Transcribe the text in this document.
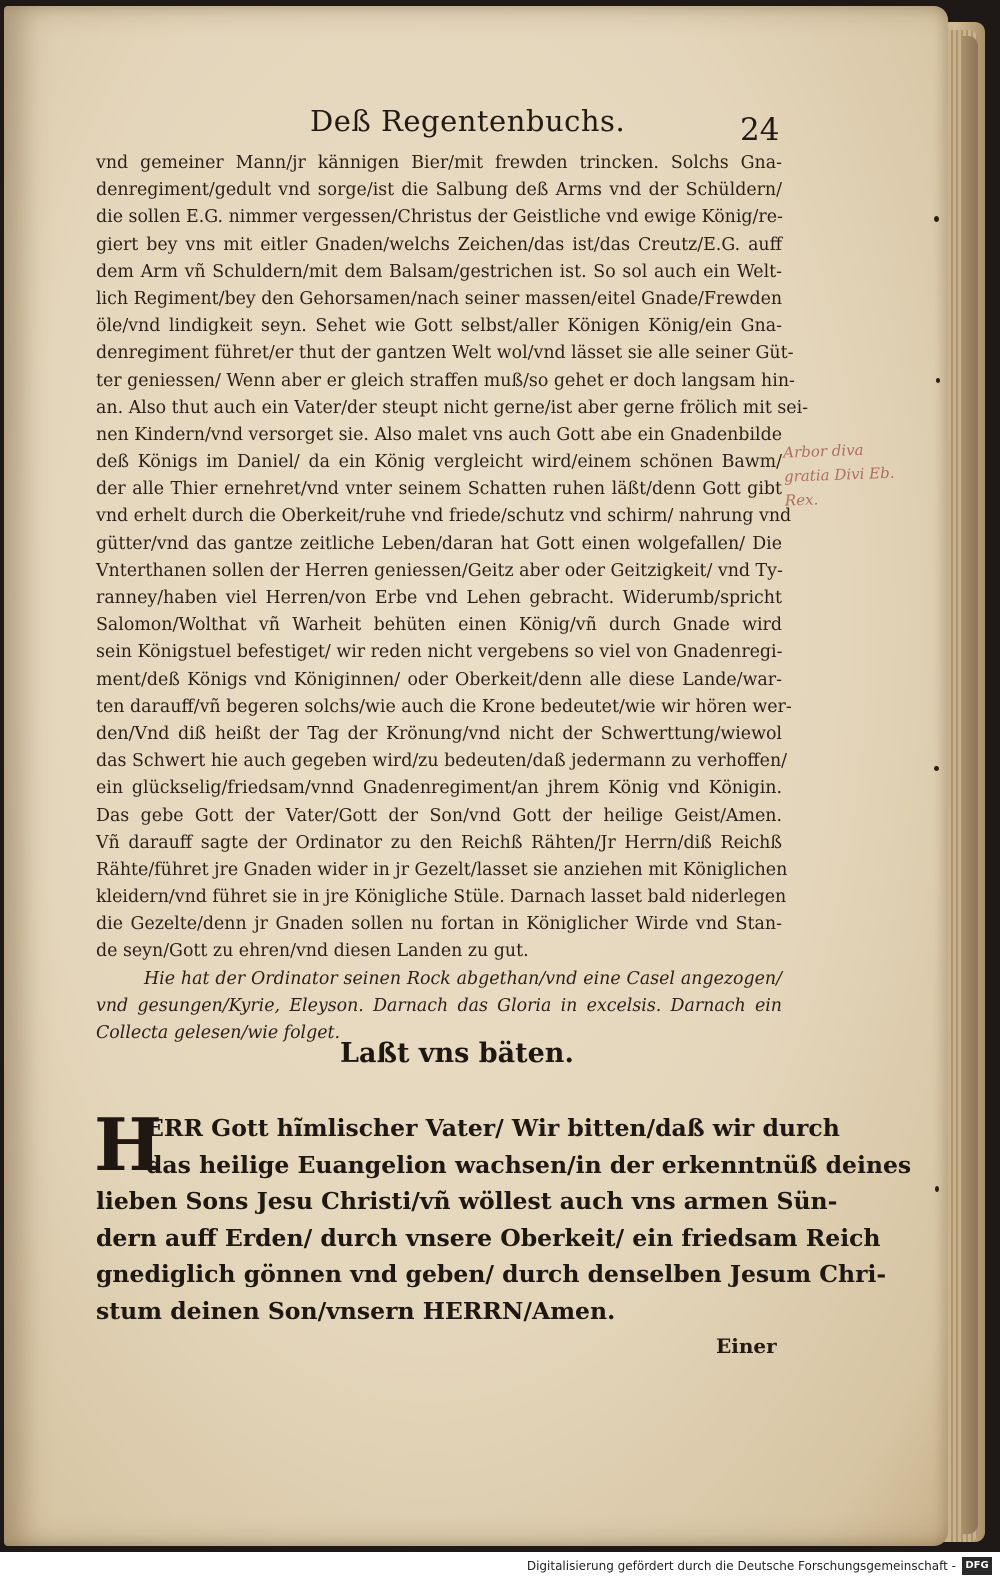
Deß Regentenbuchs.	24
vnd gemeiner Mann/jr kännigen Bier/mit frewden trincken. Solchs Gna-
denregiment/gedult vnd sorge/ist die Salbung deß Arms vnd der Schüldern/
die sollen E.G. nimmer vergessen/Christus der Geistliche vnd ewige König/re-
giert bey vns mit eitler Gnaden/welchs Zeichen/das ist/das Creutz/E.G. auff
dem Arm vñ Schuldern/mit dem Balsam/gestrichen ist. So sol auch ein Welt-
lich Regiment/bey den Gehorsamen/nach seiner massen/eitel Gnade/Frewden
öle/vnd lindigkeit seyn. Sehet wie Gott selbst/aller Königen König/ein Gna-
denregiment führet/er thut der gantzen Welt wol/vnd lässet sie alle seiner Güt-
ter geniessen/ Wenn aber er gleich straffen muß/so gehet er doch langsam hin-
an. Also thut auch ein Vater/der steupt nicht gerne/ist aber gerne frölich mit sei-
nen Kindern/vnd versorget sie. Also malet vns auch Gott abe ein Gnadenbilde
deß Königs im Daniel/ da ein König vergleicht wird/einem schönen Bawm/
der alle Thier ernehret/vnd vnter seinem Schatten ruhen läßt/denn Gott gibt
vnd erhelt durch die Oberkeit/ruhe vnd friede/schutz vnd schirm/ nahrung vnd
gütter/vnd das gantze zeitliche Leben/daran hat Gott einen wolgefallen/ Die
Vnterthanen sollen der Herren geniessen/Geitz aber oder Geitzigkeit/ vnd Ty-
ranney/haben viel Herren/von Erbe vnd Lehen gebracht. Widerumb/spricht
Salomon/Wolthat vñ Warheit behüten einen König/vñ durch Gnade wird
sein Königstuel befestiget/ wir reden nicht vergebens so viel von Gnadenregi-
ment/deß Königs vnd Königinnen/ oder Oberkeit/denn alle diese Lande/war-
ten darauff/vñ begeren solchs/wie auch die Krone bedeutet/wie wir hören wer-
den/Vnd diß heißt der Tag der Krönung/vnd nicht der Schwerttung/wiewol
das Schwert hie auch gegeben wird/zu bedeuten/daß jedermann zu verhoffen/
ein glückselig/friedsam/vnnd Gnadenregiment/an jhrem König vnd Königin.
Das gebe Gott der Vater/Gott der Son/vnd Gott der heilige Geist/Amen.
Vñ darauff sagte der Ordinator zu den Reichß Rähten/Jr Herrn/diß Reichß
Rähte/führet jre Gnaden wider in jr Gezelt/lasset sie anziehen mit Königlichen
kleidern/vnd führet sie in jre Königliche Stüle. Darnach lasset bald niderlegen
die Gezelte/denn jr Gnaden sollen nu fortan in Königlicher Wirde vnd Stan-
de seyn/Gott zu ehren/vnd diesen Landen zu gut.
Hie hat der Ordinator seinen Rock abgethan/vnd eine Casel angezogen/
vnd gesungen/Kyrie, Eleyson. Darnach das Gloria in excelsis. Darnach ein
Collecta gelesen/wie folget.
Laßt vns bäten.
H
ERR Gott hĩmlischer Vater/ Wir bitten/daß wir durch
das heilige Euangelion wachsen/in der erkenntnüß deines
lieben Sons Jesu Christi/vñ wöllest auch vns armen Sün-
dern auff Erden/ durch vnsere Oberkeit/ ein friedsam Reich
gnediglich gönnen vnd geben/ durch denselben Jesum Chri-
stum deinen Son/vnsern HERRN/Amen.
Einer
Arbor diva
gratia Divi Eb.
Rex.
Digitalisierung gefördert durch die Deutsche Forschungsgemeinschaft - DFG
